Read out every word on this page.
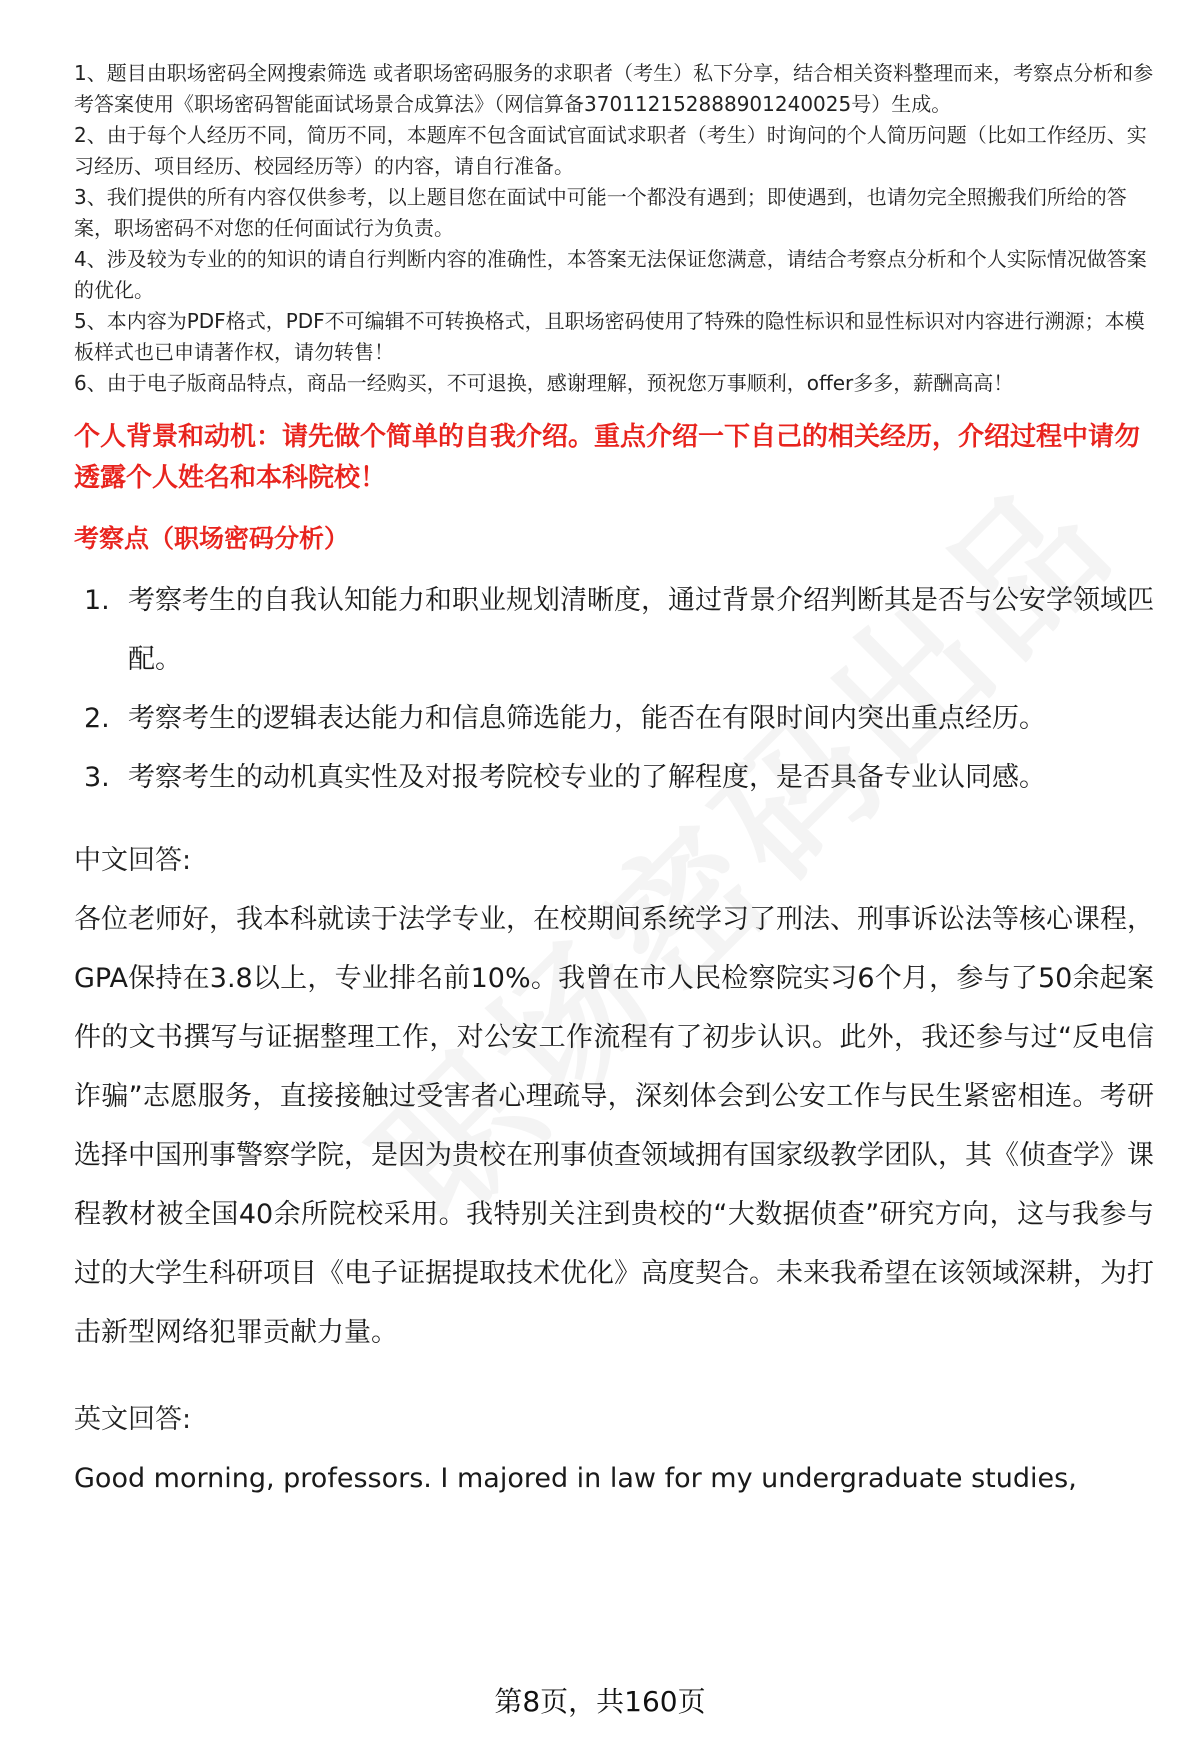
1、题目由职场密码全网搜索筛选 或者职场密码服务的求职者（考生）私下分享，结合相关资料整理而来，考察点分析和参考答案使用《职场密码智能面试场景合成算法》（网信算备370112152888901240025号）生成。

2、由于每个人经历不同，简历不同，本题库不包含面试官面试求职者（考生）时询问的个人简历问题（比如工作经历、实习经历、项目经历、校园经历等）的内容，请自行准备。

3、我们提供的所有内容仅供参考，以上题目您在面试中可能一个都没有遇到；即使遇到，也请勿完全照搬我们所给的答案，职场密码不对您的任何面试行为负责。

4、涉及较为专业的的知识的请自行判断内容的准确性，本答案无法保证您满意，请结合考察点分析和个人实际情况做答案的优化。

5、本内容为PDF格式，PDF不可编辑不可转换格式，且职场密码使用了特殊的隐性标识和显性标识对内容进行溯源；本模板样式也已申请著作权，请勿转售！

6、由于电子版商品特点，商品一经购买，不可退换，感谢理解，预祝您万事顺利，offer多多，薪酬高高！

个人背景和动机：请先做个简单的自我介绍。重点介绍一下自己的相关经历，介绍过程中请勿透露个人姓名和本科院校！
考察点（职场密码分析）
1. 考察考生的自我认知能力和职业规划清晰度，通过背景介绍判断其是否与公安学领域匹配。
2. 考察考生的逻辑表达能力和信息筛选能力，能否在有限时间内突出重点经历。
3. 考察考生的动机真实性及对报考院校专业的了解程度，是否具备专业认同感。

中文回答:

各位老师好，我本科就读于法学专业，在校期间系统学习了刑法、刑事诉讼法等核心课程，GPA保持在3.8以上，专业排名前10%。我曾在市人民检察院实习6个月，参与了50余起案件的文书撰写与证据整理工作，对公安工作流程有了初步认识。此外，我还参与过“反电信诈骗”志愿服务，直接接触过受害者心理疏导，深刻体会到公安工作与民生紧密相连。考研选择中国刑事警察学院，是因为贵校在刑事侦查领域拥有国家级教学团队，其《侦查学》课程教材被全国40余所院校采用。我特别关注到贵校的“大数据侦查”研究方向，这与我参与过的大学生科研项目《电子证据提取技术优化》高度契合。未来我希望在该领域深耕，为打击新型网络犯罪贡献力量。

英文回答:

Good morning, professors. I majored in law for my undergraduate studies,

第8页，共160页
